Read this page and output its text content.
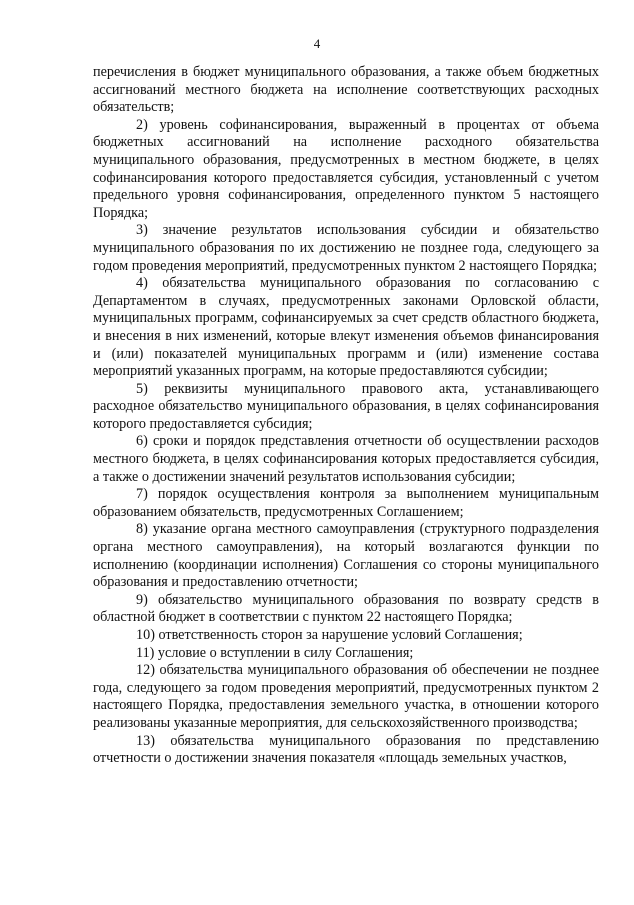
4

перечисления в бюджет муниципального образования, а также объем бюджетных ассигнований местного бюджета на исполнение соответствующих расходных обязательств;

2) уровень софинансирования, выраженный в процентах от объема бюджетных ассигнований на исполнение расходного обязательства муниципального образования, предусмотренных в местном бюджете, в целях софинансирования которого предоставляется субсидия, установленный с учетом предельного уровня софинансирования, определенного пунктом 5 настоящего Порядка;

3) значение результатов использования субсидии и обязательство муниципального образования по их достижению не позднее года, следующего за годом проведения мероприятий, предусмотренных пунктом 2 настоящего Порядка;

4) обязательства муниципального образования по согласованию с Департаментом в случаях, предусмотренных законами Орловской области, муниципальных программ, софинансируемых за счет средств областного бюджета, и внесения в них изменений, которые влекут изменения объемов финансирования и (или) показателей муниципальных программ и (или) изменение состава мероприятий указанных программ, на которые предоставляются субсидии;

5) реквизиты муниципального правового акта, устанавливающего расходное обязательство муниципального образования, в целях софинансирования которого предоставляется субсидия;

6) сроки и порядок представления отчетности об осуществлении расходов местного бюджета, в целях софинансирования которых предоставляется субсидия, а также о достижении значений результатов использования субсидии;

7) порядок осуществления контроля за выполнением муниципальным образованием обязательств, предусмотренных Соглашением;

8) указание органа местного самоуправления (структурного подразделения органа местного самоуправления), на который возлагаются функции по исполнению (координации исполнения) Соглашения со стороны муниципального образования и предоставлению отчетности;

9) обязательство муниципального образования по возврату средств в областной бюджет в соответствии с пунктом 22 настоящего Порядка;

10) ответственность сторон за нарушение условий Соглашения;

11) условие о вступлении в силу Соглашения;

12) обязательства муниципального образования об обеспечении не позднее года, следующего за годом проведения мероприятий, предусмотренных пунктом 2 настоящего Порядка, предоставления земельного участка, в отношении которого реализованы указанные мероприятия, для сельскохозяйственного производства;

13) обязательства муниципального образования по представлению отчетности о достижении значения показателя «площадь земельных участков,
